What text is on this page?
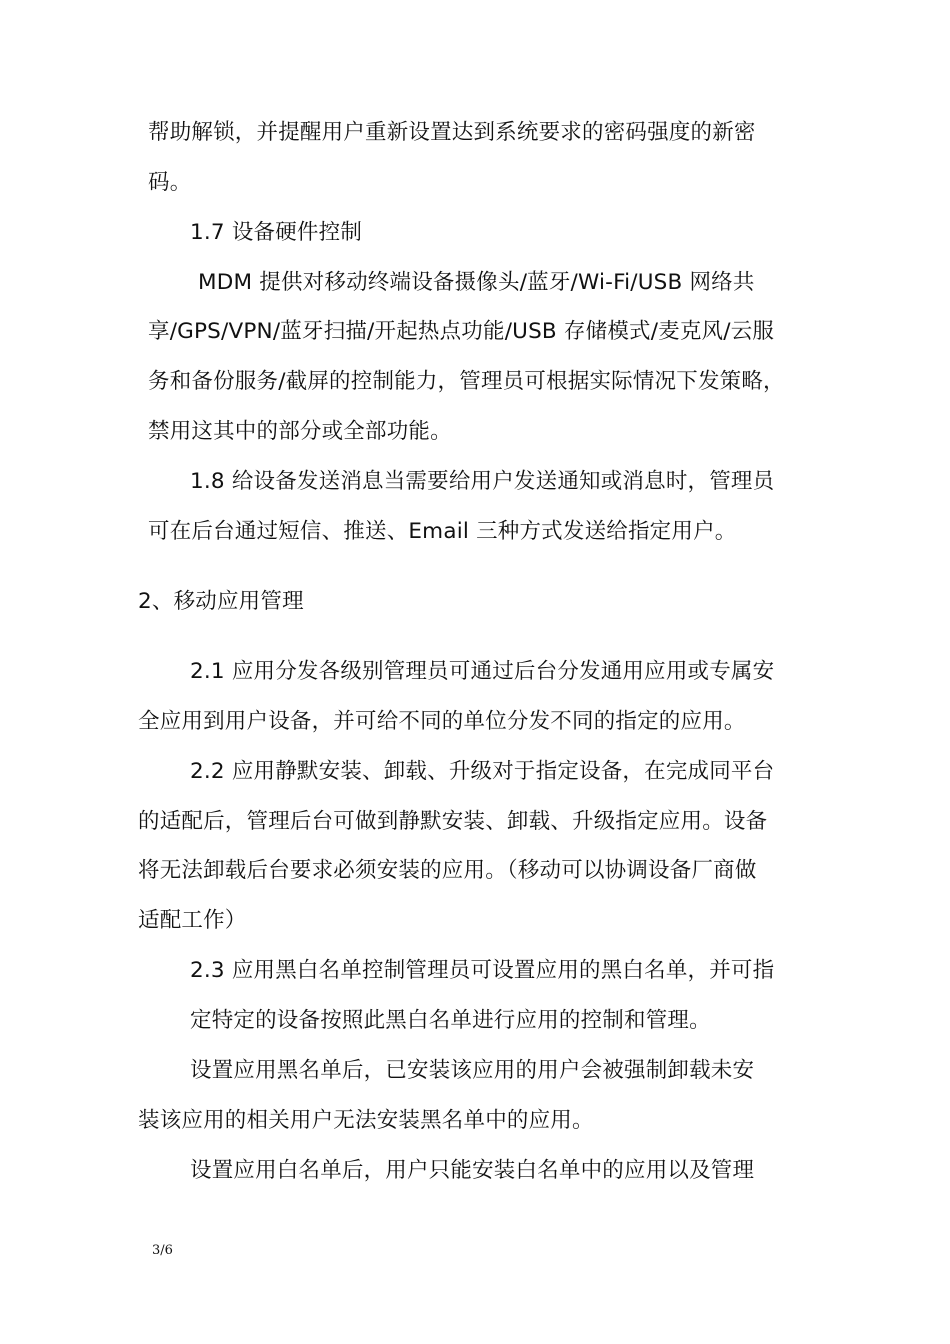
帮助解锁，并提醒用户重新设置达到系统要求的密码强度的新密
码。
1.7 设备硬件控制
MDM 提供对移动终端设备摄像头/蓝牙/Wi-Fi/USB 网络共
享/GPS/VPN/蓝牙扫描/开起热点功能/USB 存储模式/麦克风/云服
务和备份服务/截屏的控制能力，管理员可根据实际情况下发策略，
禁用这其中的部分或全部功能。
1.8 给设备发送消息当需要给用户发送通知或消息时，管理员
可在后台通过短信、推送、Email 三种方式发送给指定用户。
2、移动应用管理
2.1 应用分发各级别管理员可通过后台分发通用应用或专属安
全应用到用户设备，并可给不同的单位分发不同的指定的应用。
2.2 应用静默安装、卸载、升级对于指定设备，在完成同平台
的适配后，管理后台可做到静默安装、卸载、升级指定应用。设备
将无法卸载后台要求必须安装的应用。（移动可以协调设备厂商做
适配工作）
2.3 应用黑白名单控制管理员可设置应用的黑白名单，并可指
定特定的设备按照此黑白名单进行应用的控制和管理。
设置应用黑名单后，已安装该应用的用户会被强制卸载未安
装该应用的相关用户无法安装黑名单中的应用。
设置应用白名单后，用户只能安装白名单中的应用以及管理
3/6
